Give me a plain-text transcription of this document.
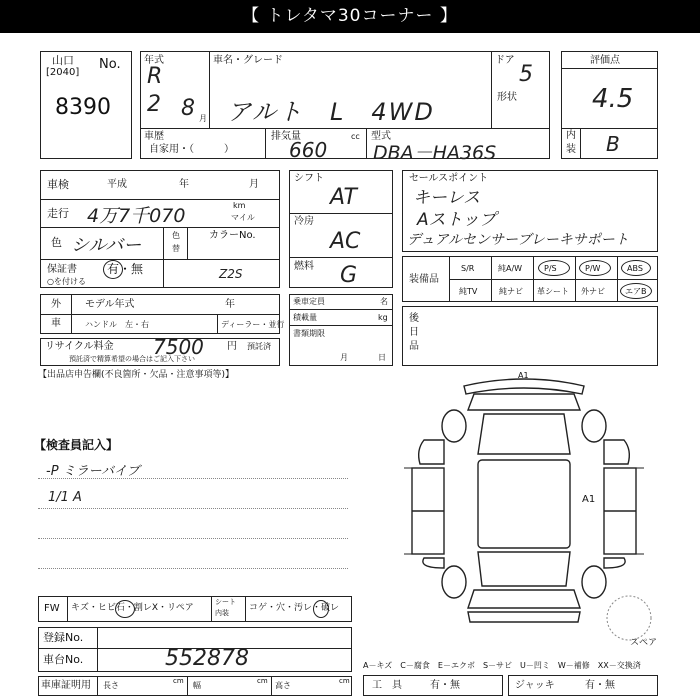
【 トレタマ30コーナー 】
山口 No.
[2040]
8390
年式
R
2 8 月
車名・グレード
アルト　L　4WD
ドア
5
形状
車歴
自家用・（　　　）
排気量	cc
660
型式
DBA－HA36S
評価点
4.5
内
装 B
車検	平成	年	月
走行 4万7千070	km
マイル
色 シルバー	色
替
カラーNo.
保証書	有・無
○を付ける
Z2S
外
車
モデル年式	年
ハンドル　左・右	ディーラー・並行
リサイクル料金 7500 円 預託済
預託済で精算希望の場合はご記入下さい
【出品店申告欄(不良箇所・欠品・注意事項等)】
シフト
AT
冷房
AC
燃料 G
乗車定員	名
積載量	kg
書類期限
月	日
セールスポイント
キーレス
Aストップ
デュアルセンサーブレーキサポート
装備品
S/R	純A/W	P/S	P/W	ABS
純TV	純ナビ 革シート 外ナビ	エアB
後
日
品
【検査員記入】
-P ミラーバイブ
1/1 A
A1
A1
スペア
A－キズ　C－腐食　E－エクボ　S－サビ　U－凹ミ　W－補修　XX－交換済
FW キズ・ヒビ石・割レX・リペア
シート
内装 コゲ・穴・汚レ・破レ
登録No.
車台No.	552878
車庫証明用 長さ	cm 幅	cm 高さ	cm 工　具	有・無	ジャッキ	有・無
